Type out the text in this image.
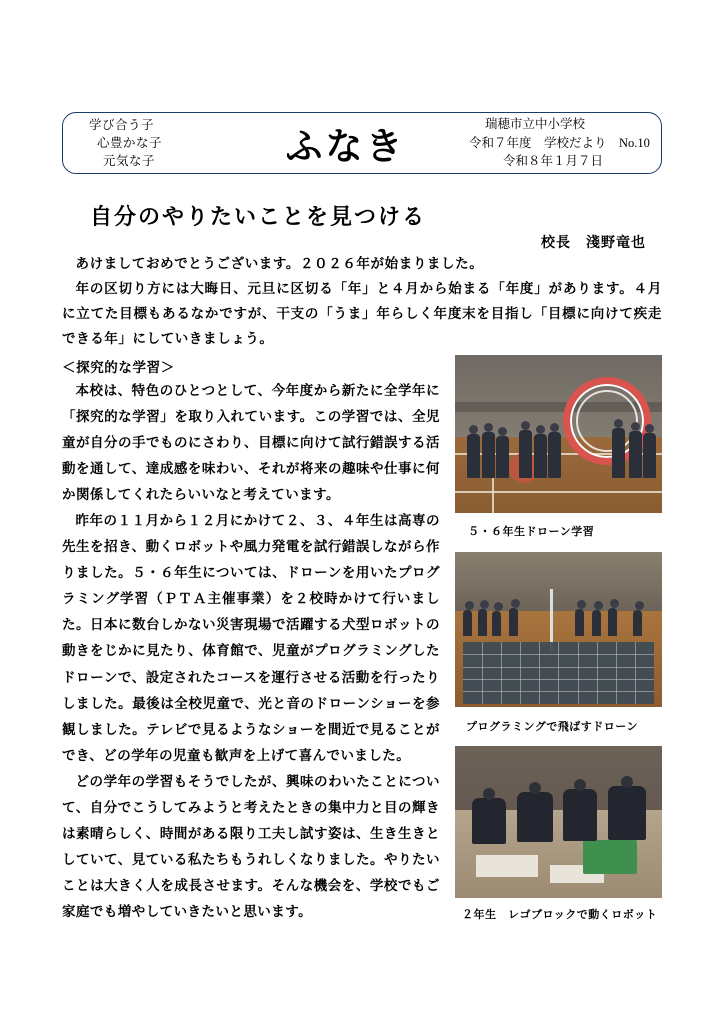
学び合う子
心豊かな子
元気な子	ふなき
瑞穂市立中小学校
令和７年度　学校だより　No.10
令和８年１月７日
自分のやりたいことを見つける
校長　淺野竜也

あけましておめでとうございます。２０２６年が始まりました。

年の区切り方には大晦日、元旦に区切る「年」と４月から始まる「年度」があります。４月に立てた目標もあるなかですが、干支の「うま」年らしく年度末を目指し「目標に向けて疾走できる年」にしていきましょう。

＜探究的な学習＞

本校は、特色のひとつとして、今年度から新たに全学年に「探究的な学習」を取り入れています。この学習では、全児童が自分の手でものにさわり、目標に向けて試行錯誤する活動を通して、達成感を味わい、それが将来の趣味や仕事に何か関係してくれたらいいなと考えています。

昨年の１１月から１２月にかけて２、３、４年生は高専の先生を招き、動くロボットや風力発電を試行錯誤しながら作りました。５・６年生については、ドローンを用いたプログラミング学習（ＰＴＡ主催事業）を２校時かけて行いました。日本に数台しかない災害現場で活躍する犬型ロボットの動きをじかに見たり、体育館で、児童がプログラミングしたドローンで、設定されたコースを運行させる活動を行ったりしました。最後は全校児童で、光と音のドローンショーを参観しました。テレビで見るようなショーを間近で見ることができ、どの学年の児童も歓声を上げて喜んでいました。

どの学年の学習もそうでしたが、興味のわいたことについて、自分でこうしてみようと考えたときの集中力と目の輝きは素晴らしく、時間がある限り工夫し試す姿は、生き生きとしていて、見ている私たちもうれしくなりました。やりたいことは大きく人を成長させます。そんな機会を、学校でもご家庭でも増やしていきたいと思います。

H
５・６年生ドローン学習
プログラミングで飛ばすドローン
２年生　レゴブロックで動くロボット
